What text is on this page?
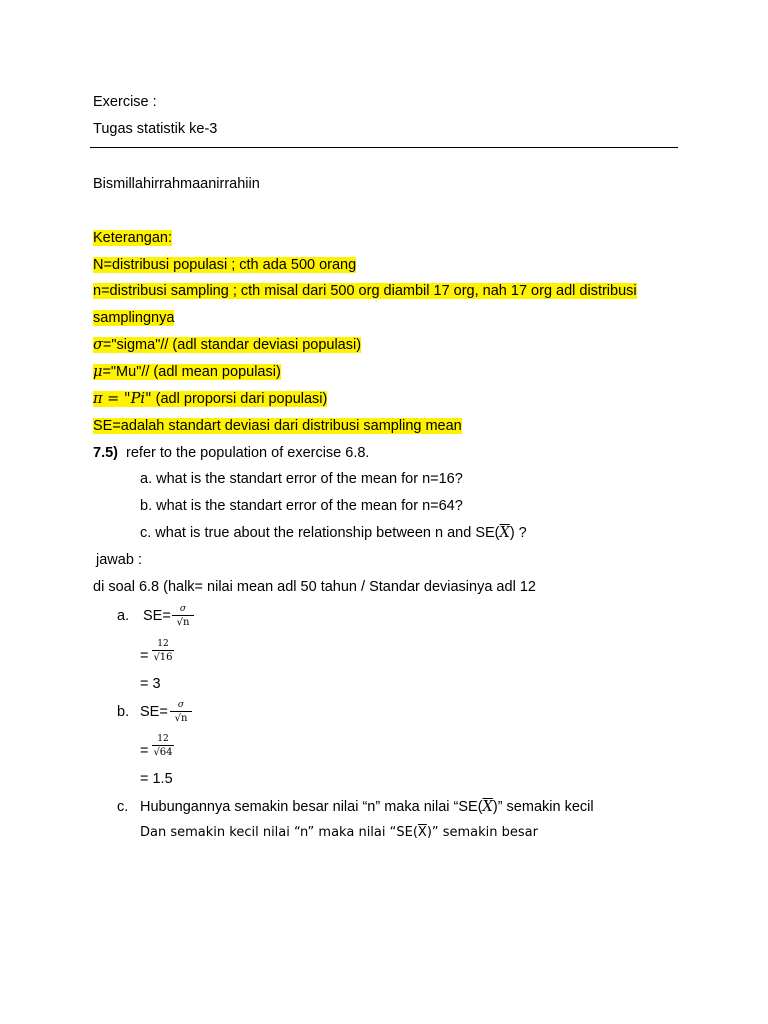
Exercise :
Tugas statistik ke-3
Bismillahirrahmaanirrahiin
Keterangan:
N=distribusi populasi ; cth ada 500 orang
n=distribusi sampling ; cth misal dari 500 org diambil 17 org, nah 17 org adl distribusi
samplingnya
σ="sigma"// (adl standar deviasi populasi)
μ="Mu"// (adl mean populasi)
π = "Pi" (adl proporsi dari populasi)
SE=adalah standart deviasi dari distribusi sampling mean
7.5) refer to the population of exercise 6.8.
a. what is the standart error of the mean for n=16?
b. what is the standart error of the mean for n=64?
c. what is true about the relationship between n and $SE(\overline{X})$ ?
jawab :
di soal 6.8 (halk= nilai mean adl 50 tahun / Standar deviasinya adl 12
a. SE=	σ
√n
=
12
√16
= 3
b. SE=	σ
√n
=
12
√64
= 1.5
c. Hubungannya semakin besar nilai “n” maka nilai “$SE(\overline{X})$” semakin kecil
Dan semakin kecil nilai “n” maka nilai “$SE(\overline{X})$” semakin besar
